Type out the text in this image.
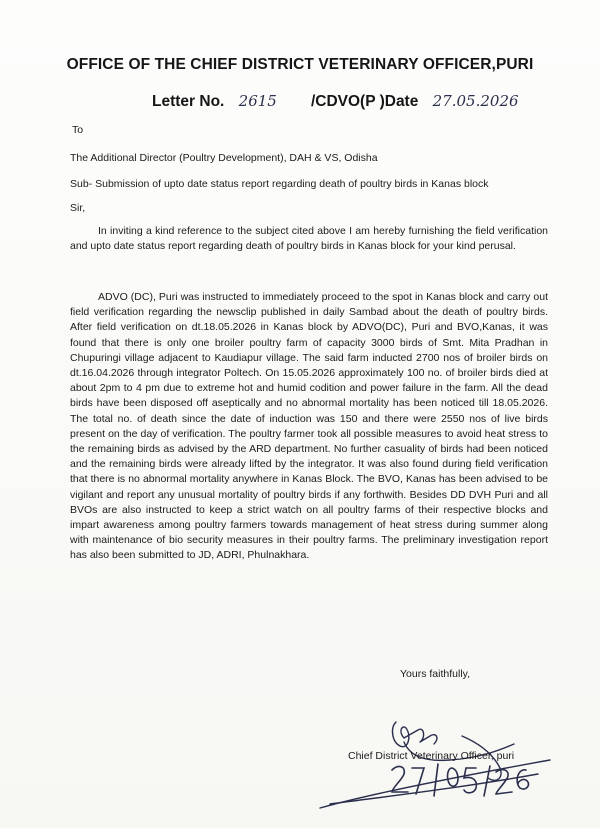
OFFICE OF THE CHIEF DISTRICT VETERINARY OFFICER,PURI
Letter No. 2615 /CDVO(P )Date 27.05.2026
To
The Additional Director (Poultry Development), DAH & VS, Odisha
Sub- Submission of upto date status report regarding death of poultry birds in Kanas block
Sir,
In inviting a kind reference to the subject cited above I am hereby furnishing the field verification and upto date status report regarding death of poultry birds in Kanas block for your kind perusal.
ADVO (DC), Puri was instructed to immediately proceed to the spot in Kanas block and carry out field verification regarding the newsclip published in daily Sambad about the death of poultry birds. After field verification on dt.18.05.2026 in Kanas block by ADVO(DC), Puri and BVO,Kanas, it was found that there is only one broiler poultry farm of capacity 3000 birds of Smt. Mita Pradhan in Chupuringi village adjacent to Kaudiapur village. The said farm inducted 2700 nos of broiler birds on dt.16.04.2026 through integrator Poltech. On 15.05.2026 approximately 100 no. of broiler birds died at about 2pm to 4 pm due to extreme hot and humid codition and power failure in the farm. All the dead birds have been disposed off aseptically and no abnormal mortality has been noticed till 18.05.2026. The total no. of death since the date of induction was 150 and there were 2550 nos of live birds present on the day of verification. The poultry farmer took all possible measures to avoid heat stress to the remaining birds as advised by the ARD department. No further casuality of birds had been noticed and the remaining birds were already lifted by the integrator. It was also found during field verification that there is no abnormal mortality anywhere in Kanas Block. The BVO, Kanas has been advised to be vigilant and report any unusual mortality of poultry birds if any forthwith. Besides DD DVH Puri and all BVOs are also instructed to keep a strict watch on all poultry farms of their respective blocks and impart awareness among poultry farmers towards management of heat stress during summer along with maintenance of bio security measures in their poultry farms. The preliminary investigation report has also been submitted to JD, ADRI, Phulnakhara.
Yours faithfully,
Chief District Veterinary Officer, puri
